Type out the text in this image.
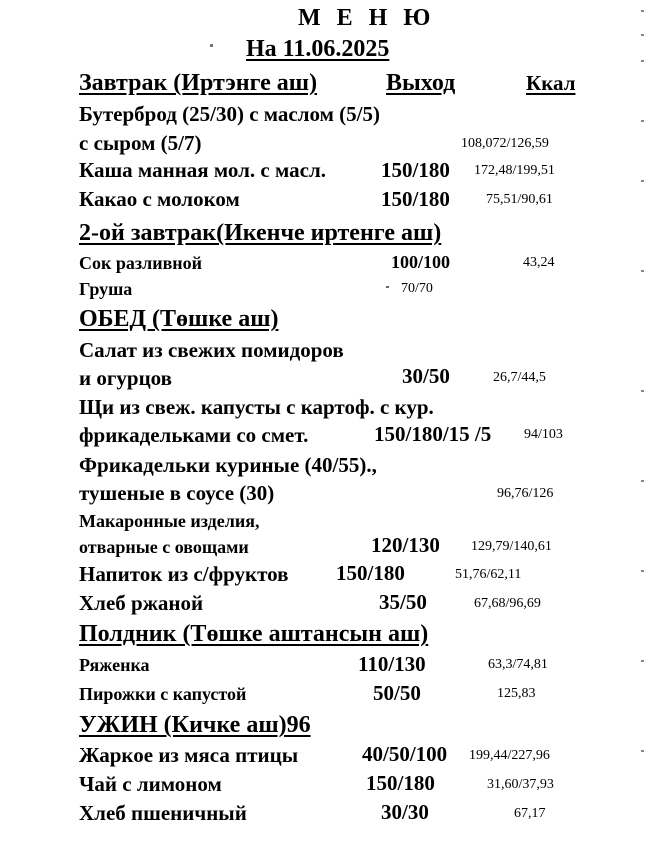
М Е Н Ю
На 11.06.2025
Завтрак (Иртэнге аш)	Выход	Ккал
Бутерброд (25/30) с маслом (5/5)
с сыром (5/7)	108,072/126,59
Каша манная мол. с масл.	150/180 172,48/199,51
Какао с молоком	150/180	75,51/90,61
2-ой завтрак(Икенче иртенге аш)
Сок разливной	100/100	43,24
Груша	70/70
ОБЕД (Төшке аш)
Салат из свежих помидоров
и огурцов	30/50	26,7/44,5
Щи из свеж. капусты с картоф. с кур.
фрикадельками со смет.	150/180/15 /5 94/103
Фрикадельки куриные (40/55).,
тушеные в соусе (30)	96,76/126
Макаронные изделия,
отварные с овощами	120/130 129,79/140,61
Напиток из с/фруктов 150/180	51,76/62,11
Хлеб ржаной	35/50	67,68/96,69
Полдник (Төшке аштансын аш)
Ряженка	110/130	63,3/74,81
Пирожки с капустой	50/50	125,83
УЖИН (Кичке аш)96
Жаркое из мяса птицы	40/50/100 199,44/227,96
Чай с лимоном	150/180	31,60/37,93
Хлеб пшеничный	30/30	67,17
